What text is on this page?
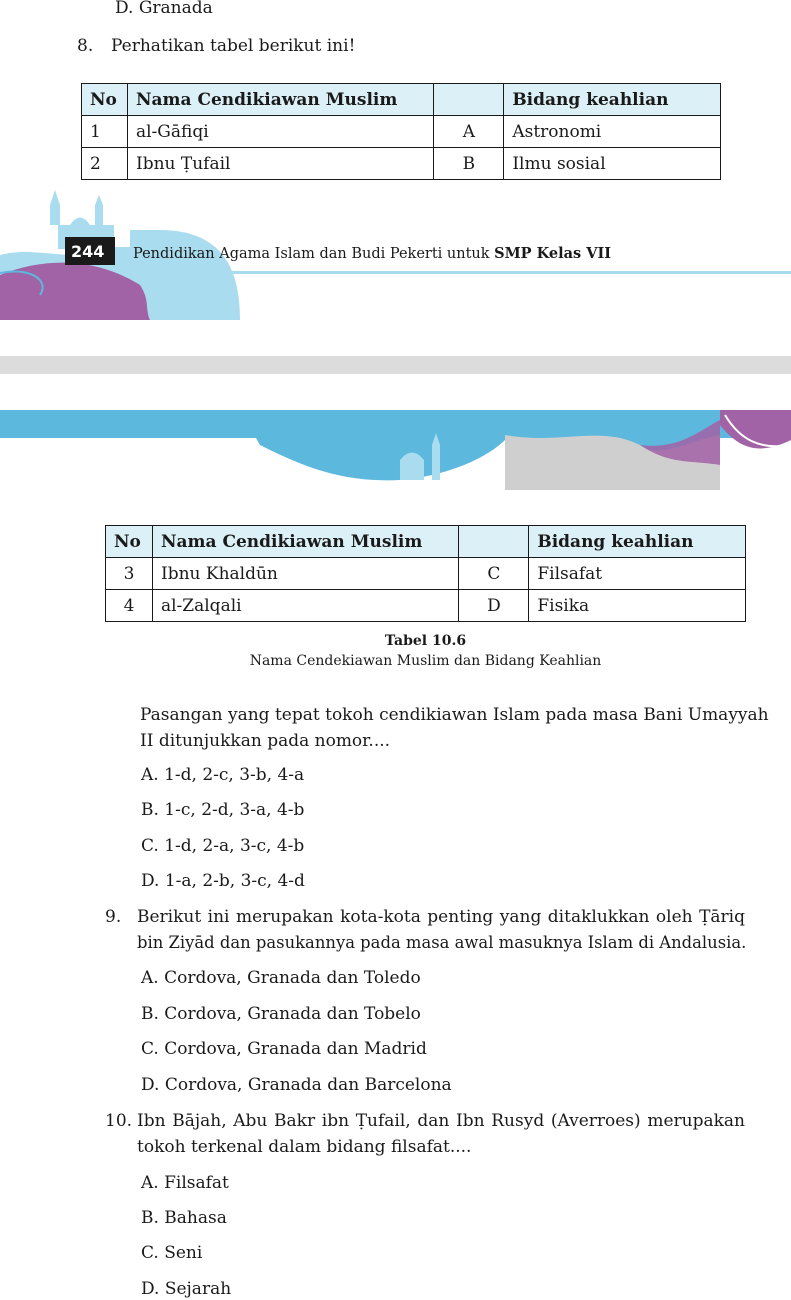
D. Granada
8. Perhatikan tabel berikut ini!
No	Nama Cendikiawan Muslim		Bidang keahlian
1	al-Gāfiqi	A	Astronomi
2	Ibnu Ṭufail	B	Ilmu sosial
244 Pendidikan Agama Islam dan Budi Pekerti untuk SMP Kelas VII
No	Nama Cendikiawan Muslim		Bidang keahlian
3	Ibnu Khaldūn	C	Filsafat
4	al-Zalqali	D	Fisika
Tabel 10.6
Nama Cendekiawan Muslim dan Bidang Keahlian
Pasangan yang tepat tokoh cendikiawan Islam pada masa Bani Umayyah
II ditunjukkan pada nomor....
A. 1-d, 2-c, 3-b, 4-a
B. 1-c, 2-d, 3-a, 4-b
C. 1-d, 2-a, 3-c, 4-b
D. 1-a, 2-b, 3-c, 4-d
9. Berikut ini merupakan kota-kota penting yang ditaklukkan oleh Ṭāriq
bin Ziyād dan pasukannya pada masa awal masuknya Islam di Andalusia.
A. Cordova, Granada dan Toledo
B. Cordova, Granada dan Tobelo
C. Cordova, Granada dan Madrid
D. Cordova, Granada dan Barcelona
10. Ibn Bājah, Abu Bakr ibn Ṭufail, dan Ibn Rusyd (Averroes) merupakan
tokoh terkenal dalam bidang filsafat....
A. Filsafat
B. Bahasa
C. Seni
D. Sejarah
